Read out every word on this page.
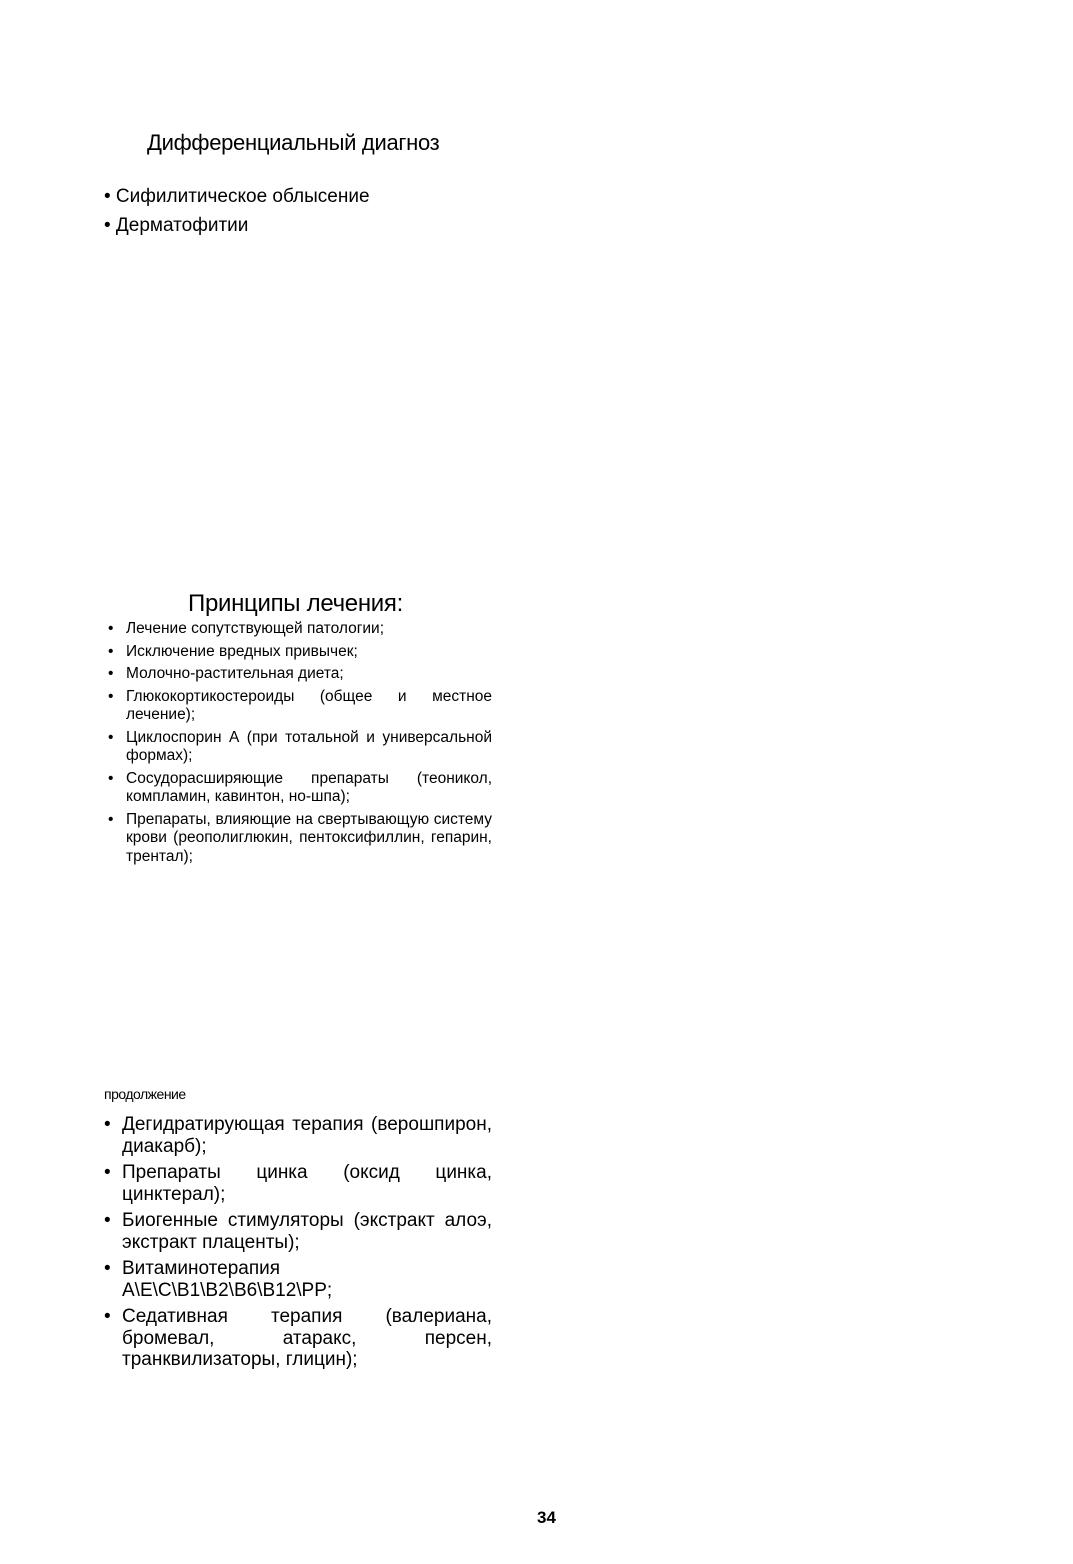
Дифференциальный диагноз
• Сифилитическое облысение
• Дерматофитии
Принципы лечения:
• Лечение сопутствующей патологии;
• Исключение вредных привычек;
• Молочно-растительная диета;
• Глюкокортикостероиды (общее и местное лечение);
• Циклоспорин А (при тотальной и универсальной формах);
• Сосудорасширяющие препараты (теоникол, компламин, кавинтон, но-шпа);
• Препараты, влияющие на свертывающую систему крови (реополиглюкин, пентоксифиллин, гепарин, трентал);
продолжение
• Дегидратирующая терапия (верошпирон, диакарб);
• Препараты цинка (оксид цинка, цинктерал);
• Биогенные стимуляторы (экстракт алоэ, экстракт плаценты);
• Витаминотерапия A\E\C\B1\B2\B6\B12\PP;
• Седативная терапия (валериана, бромевал, атаракс, персен, транквилизаторы, глицин);
34
